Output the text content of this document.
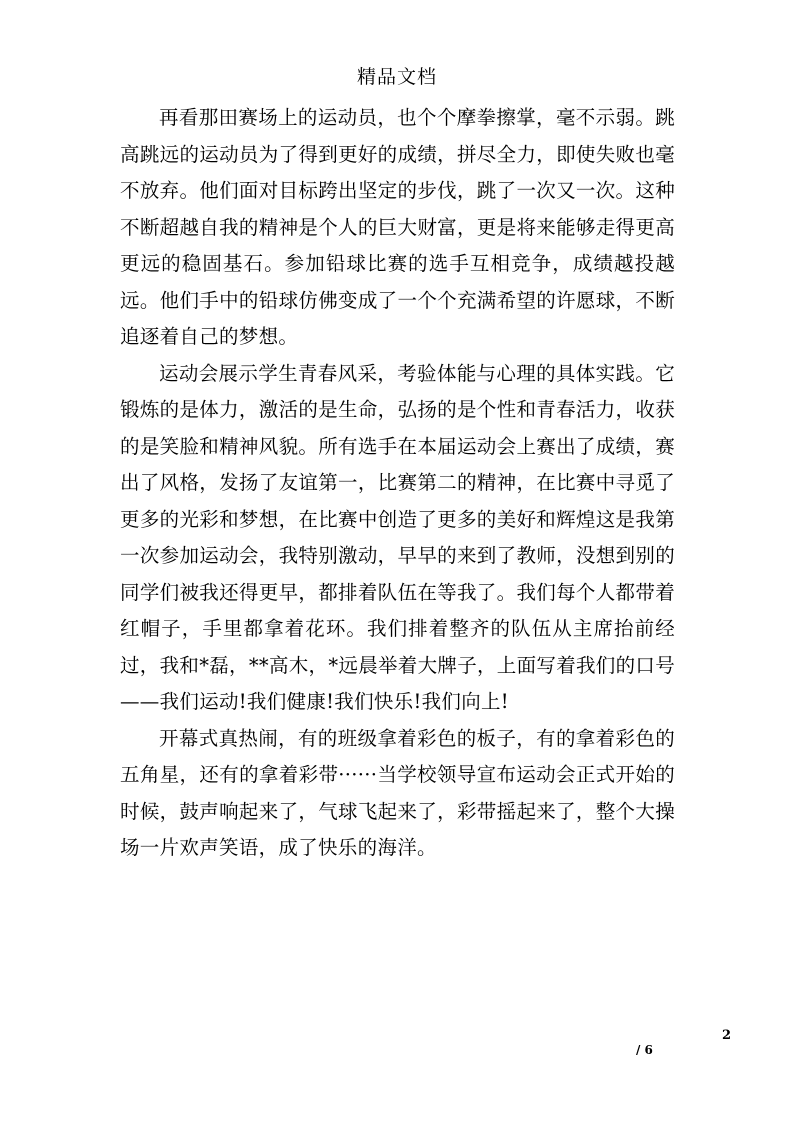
精品文档

再看那田赛场上的运动员，也个个摩拳擦掌，毫不示弱。跳高跳远的运动员为了得到更好的成绩，拼尽全力，即使失败也毫不放弃。他们面对目标跨出坚定的步伐，跳了一次又一次。这种不断超越自我的精神是个人的巨大财富，更是将来能够走得更高更远的稳固基石。参加铅球比赛的选手互相竞争，成绩越投越远。他们手中的铅球仿佛变成了一个个充满希望的许愿球，不断追逐着自己的梦想。

运动会展示学生青春风采，考验体能与心理的具体实践。它锻炼的是体力，激活的是生命，弘扬的是个性和青春活力，收获的是笑脸和精神风貌。所有选手在本届运动会上赛出了成绩，赛出了风格，发扬了友谊第一，比赛第二的精神，在比赛中寻觅了更多的光彩和梦想，在比赛中创造了更多的美好和辉煌这是我第一次参加运动会，我特别激动，早早的来到了教师，没想到别的同学们被我还得更早，都排着队伍在等我了。我们每个人都带着红帽子，手里都拿着花环。我们排着整齐的队伍从主席抬前经过，我和*磊，**高木，*远晨举着大牌子，上面写着我们的口号——我们运动!我们健康!我们快乐!我们向上!

开幕式真热闹，有的班级拿着彩色的板子，有的拿着彩色的五角星，还有的拿着彩带······当学校领导宣布运动会正式开始的时候，鼓声响起来了，气球飞起来了，彩带摇起来了，整个大操场一片欢声笑语，成了快乐的海洋。

2
/ 6
